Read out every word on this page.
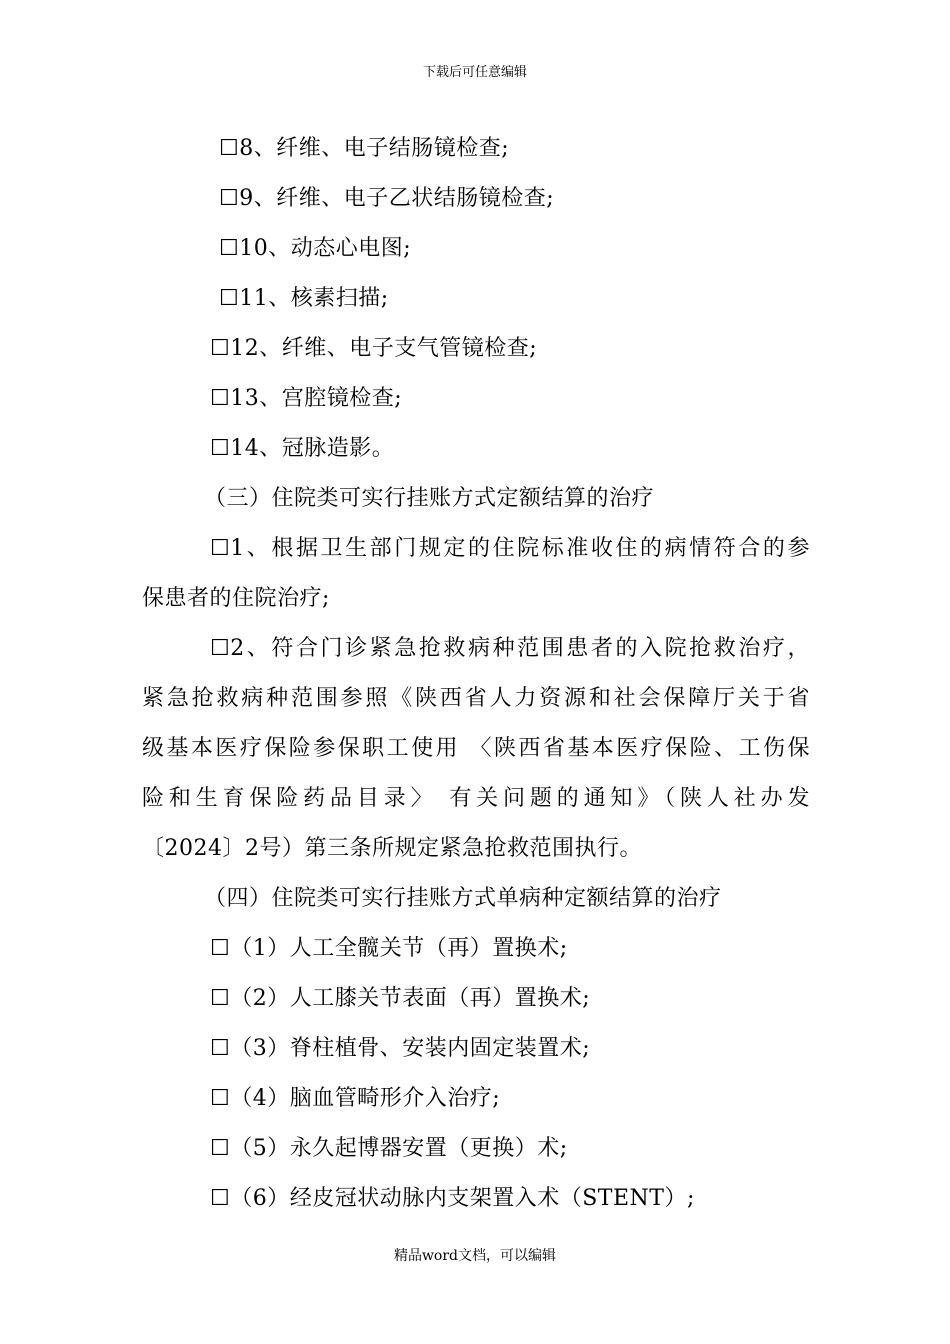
下载后可任意编辑
☐8、纤维、电子结肠镜检查;
☐9、纤维、电子乙状结肠镜检查;
☐10、动态心电图;
☐11、核素扫描;
☐12、纤维、电子支气管镜检查;
☐13、宫腔镜检查;
☐14、冠脉造影。
（三）住院类可实行挂账方式定额结算的治疗
☐1、根据卫生部门规定的住院标准收住的病情符合的参
保患者的住院治疗;
☐2、符合门诊紧急抢救病种范围患者的入院抢救治疗，
紧急抢救病种范围参照《陕西省人力资源和社会保障厅关于省
级基本医疗保险参保职工使用 〈陕西省基本医疗保险、工伤保
险和生育保险药品目录〉 有关问题的通知》（陕人社办发
〔2024〕2号）第三条所规定紧急抢救范围执行。
（四）住院类可实行挂账方式单病种定额结算的治疗
☐（1）人工全髋关节（再）置换术;
☐（2）人工膝关节表面（再）置换术;
☐（3）脊柱植骨、安装内固定装置术;
☐（4）脑血管畸形介入治疗;
☐（5）永久起博器安置（更换）术;
☐（6）经皮冠状动脉内支架置入术（STENT）;
精品word文档，可以编辑
